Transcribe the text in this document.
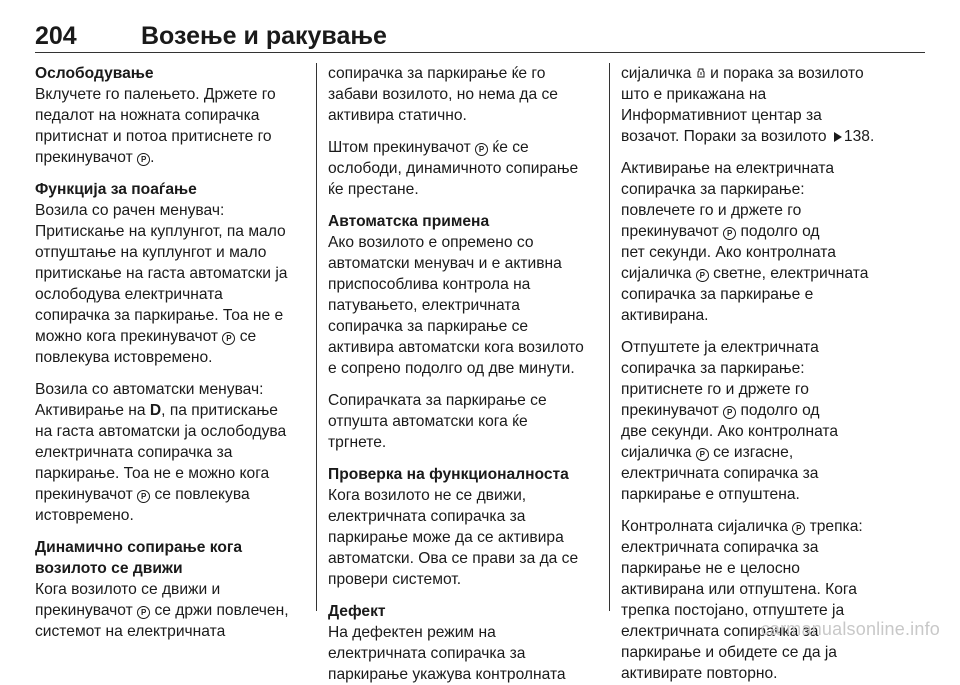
204	Возење и ракување
Ослободување
Вклучете го палењето. Држете го
педалот на ножната сопирачка
притиснат и потоа притиснете го
прекинувачот P .
Функција за поаѓање
Возила со рачен менувач:
Притискање на куплунгот, па мало
отпуштање на куплунгот и мало
притискање на гаста автоматски ја
ослободува електричната
сопирачка за паркирање. Тоа не е
можно кога прекинувачот P се
повлекува истовремено.
Возила со автоматски менувач:
Активирање на D, па притискање
на гаста автоматски ја ослободува
електричната сопирачка за
паркирање. Тоа не е можно кога
прекинувачот P се повлекува
истовремено.
Динамично сопирање кога
возилото се движи
Кога возилото се движи и
прекинувачот P се држи повлечен,
системот на електричната
сопирачка за паркирање ќе го
забави возилото, но нема да се
активира статично.
Штом прекинувачот P ќе се
ослободи, динамичното сопирање
ќе престане.
Автоматска примена
Ако возилото е опремено со
автоматски менувач и е активна
приспособлива контрола на
патувањето, електричната
сопирачка за паркирање се
активира автоматски кога возилото
е сопрено подолго од две минути.
Сопирачката за паркирање се
отпушта автоматски кога ќе
тргнете.
Проверка на функционалноста
Кога возилото не се движи,
електричната сопирачка за
паркирање може да се активира
автоматски. Ова се прави за да се
провери системот.
Дефект
На дефектен режим на
електричната сопирачка за
паркирање укажува контролната
сијаличка  и порака за возилото
што е прикажана на
Информативниот центар за
возачот. Пораки за возилото 138.
Активирање на електричната
сопирачка за паркирање:
повлечете го и држете го
прекинувачот P подолго од
пет секунди. Ако контролната
сијаличка P светне, електричната
сопирачка за паркирање е
активирана.
Отпуштете ја електричната
сопирачка за паркирање:
притиснете го и држете го
прекинувачот P подолго од
две секунди. Ако контролната
сијаличка P се изгасне,
електричната сопирачка за
паркирање е отпуштена.
Контролната сијаличка P трепка:
електричната сопирачка за
паркирање не е целосно
активирана или отпуштена. Кога
трепка постојано, отпуштете ја
електричната сопирачка за
паркирање и обидете се да ја
активирате повторно.
carmanualsonline.info
